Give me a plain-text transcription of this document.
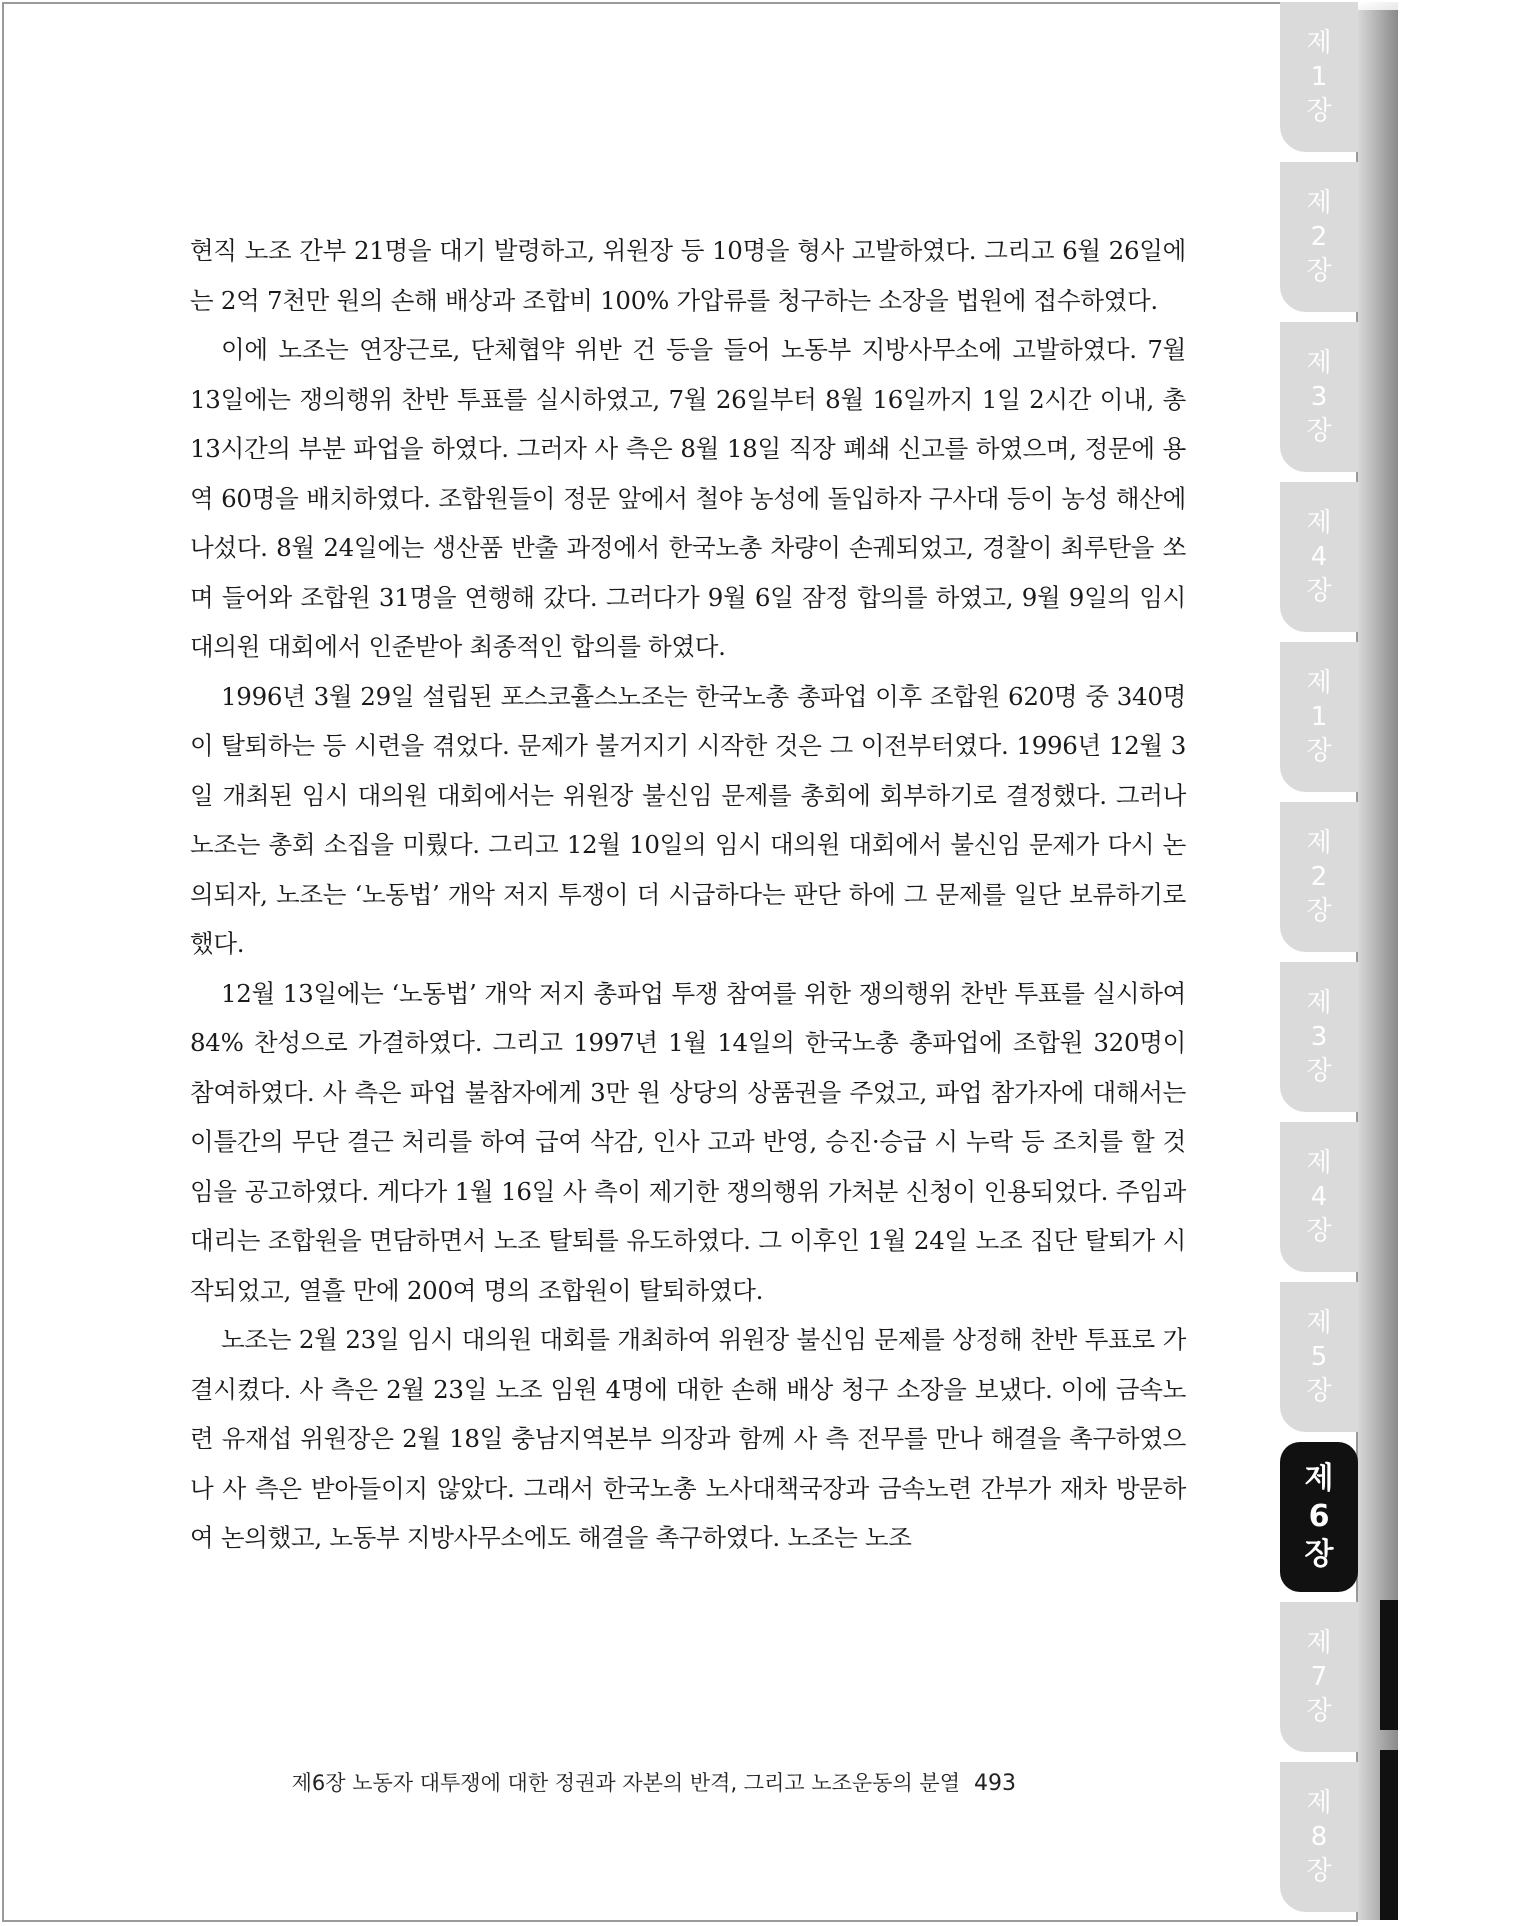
현직 노조 간부 21명을 대기 발령하고, 위원장 등 10명을 형사 고발하였다. 그리고 6월 26일에는 2억 7천만 원의 손해 배상과 조합비 100% 가압류를 청구하는 소장을 법원에 접수하였다.

이에 노조는 연장근로, 단체협약 위반 건 등을 들어 노동부 지방사무소에 고발하였다. 7월 13일에는 쟁의행위 찬반 투표를 실시하였고, 7월 26일부터 8월 16일까지 1일 2시간 이내, 총 13시간의 부분 파업을 하였다. 그러자 사 측은 8월 18일 직장 폐쇄 신고를 하였으며, 정문에 용역 60명을 배치하였다. 조합원들이 정문 앞에서 철야 농성에 돌입하자 구사대 등이 농성 해산에 나섰다. 8월 24일에는 생산품 반출 과정에서 한국노총 차량이 손궤되었고, 경찰이 최루탄을 쏘며 들어와 조합원 31명을 연행해 갔다. 그러다가 9월 6일 잠정 합의를 하였고, 9월 9일의 임시 대의원 대회에서 인준받아 최종적인 합의를 하였다.

1996년 3월 29일 설립된 포스코휼스노조는 한국노총 총파업 이후 조합원 620명 중 340명이 탈퇴하는 등 시련을 겪었다. 문제가 불거지기 시작한 것은 그 이전부터였다. 1996년 12월 3일 개최된 임시 대의원 대회에서는 위원장 불신임 문제를 총회에 회부하기로 결정했다. 그러나 노조는 총회 소집을 미뤘다. 그리고 12월 10일의 임시 대의원 대회에서 불신임 문제가 다시 논의되자, 노조는 ‘노동법’ 개악 저지 투쟁이 더 시급하다는 판단 하에 그 문제를 일단 보류하기로 했다.

12월 13일에는 ‘노동법’ 개악 저지 총파업 투쟁 참여를 위한 쟁의행위 찬반 투표를 실시하여 84% 찬성으로 가결하였다. 그리고 1997년 1월 14일의 한국노총 총파업에 조합원 320명이 참여하였다. 사 측은 파업 불참자에게 3만 원 상당의 상품권을 주었고, 파업 참가자에 대해서는 이틀간의 무단 결근 처리를 하여 급여 삭감, 인사 고과 반영, 승진·승급 시 누락 등 조치를 할 것임을 공고하였다. 게다가 1월 16일 사 측이 제기한 쟁의행위 가처분 신청이 인용되었다. 주임과 대리는 조합원을 면담하면서 노조 탈퇴를 유도하였다. 그 이후인 1월 24일 노조 집단 탈퇴가 시작되었고, 열흘 만에 200여 명의 조합원이 탈퇴하였다.

노조는 2월 23일 임시 대의원 대회를 개최하여 위원장 불신임 문제를 상정해 찬반 투표로 가결시켰다. 사 측은 2월 23일 노조 임원 4명에 대한 손해 배상 청구 소장을 보냈다. 이에 금속노련 유재섭 위원장은 2월 18일 충남지역본부 의장과 함께 사 측 전무를 만나 해결을 촉구하였으나 사 측은 받아들이지 않았다. 그래서 한국노총 노사대책국장과 금속노련 간부가 재차 방문하여 논의했고, 노동부 지방사무소에도 해결을 촉구하였다. 노조는 노조

제6장 노동자 대투쟁에 대한 정권과 자본의 반격, 그리고 노조운동의 분열 493
제1장
제2장
제3장
제4장
제1장
제2장
제3장
제4장
제5장
제6장
제7장
제8장
